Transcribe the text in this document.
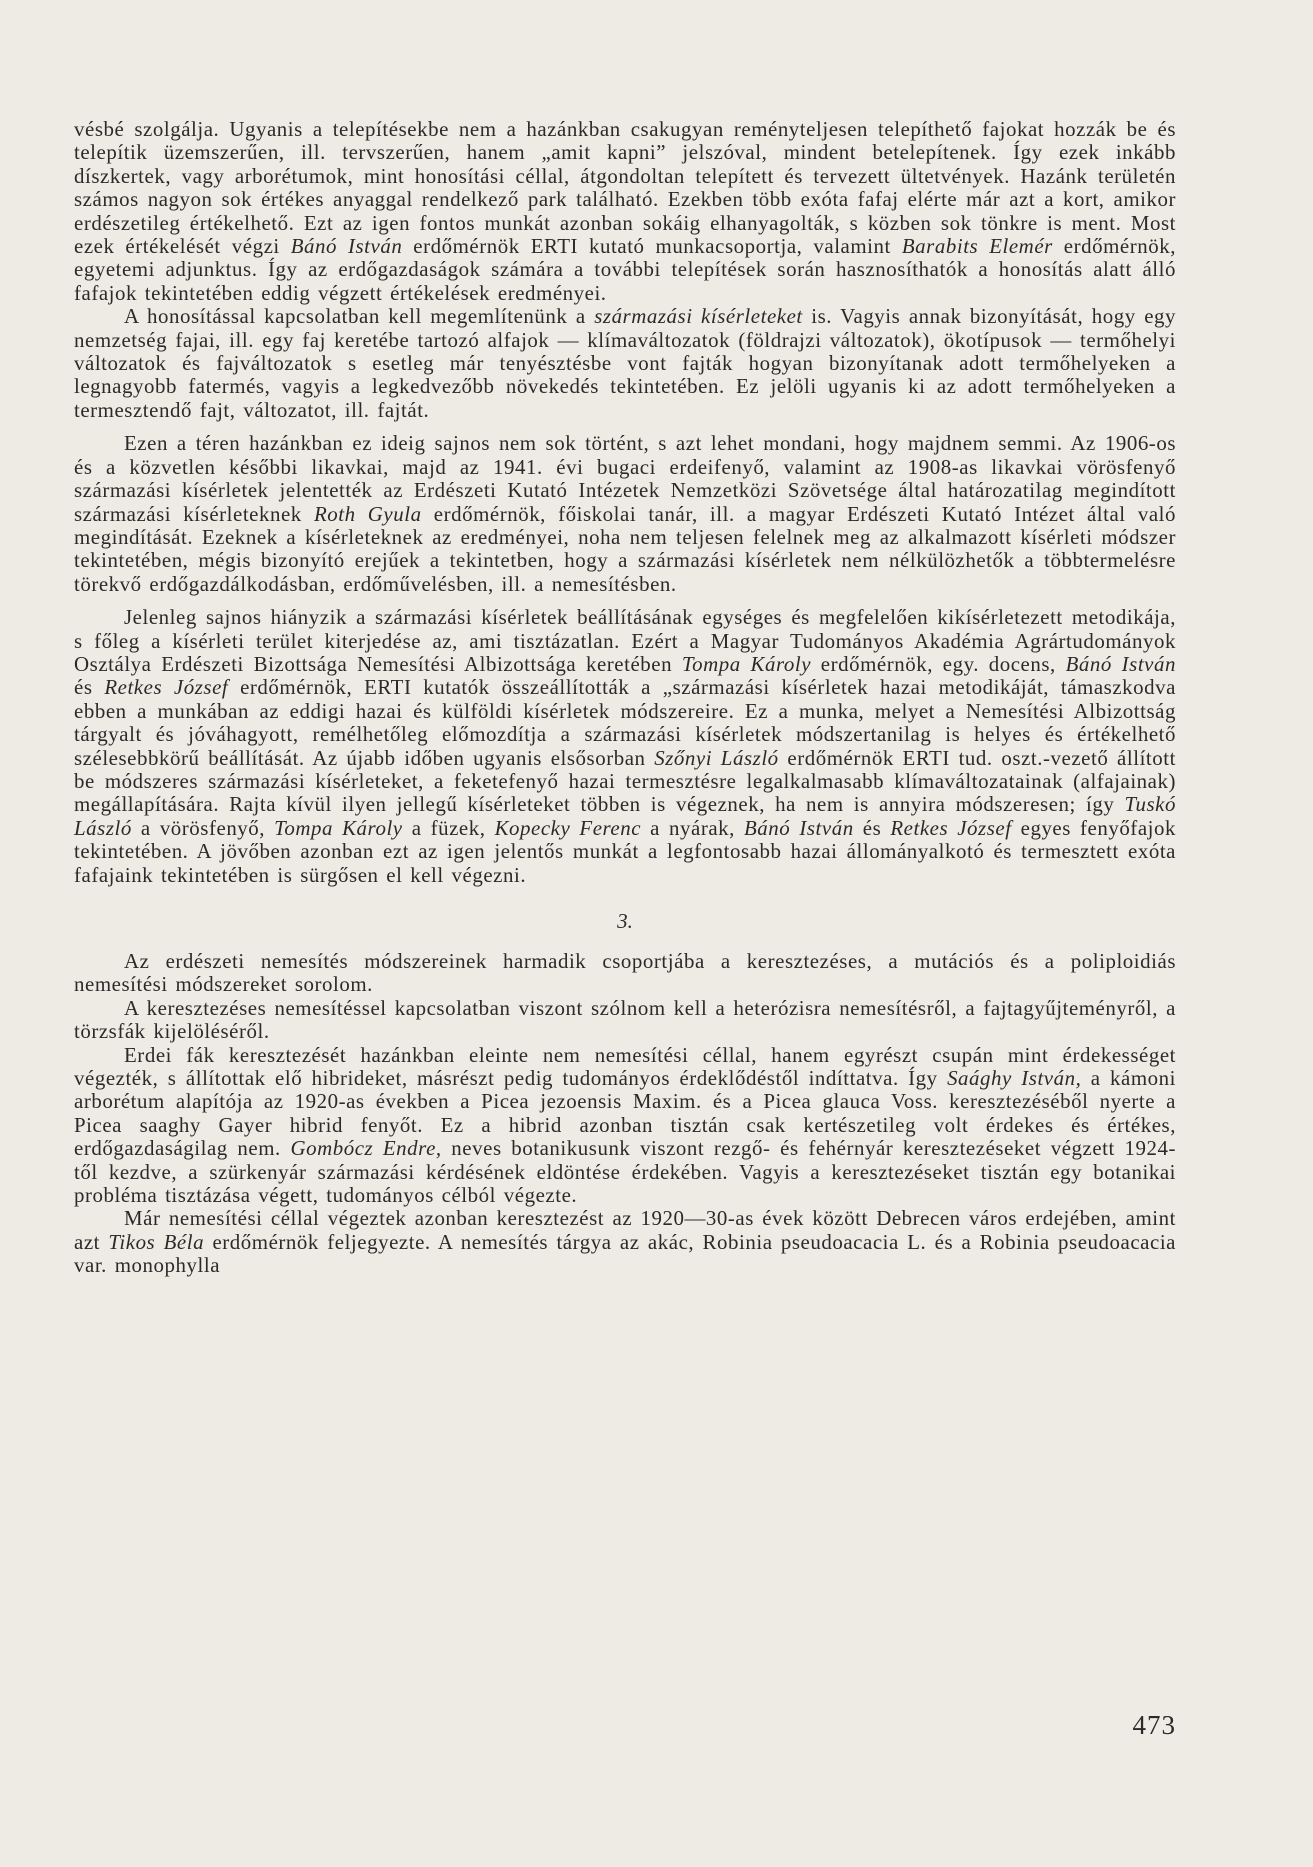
vésbé szolgálja. Ugyanis a telepítésekbe nem a hazánkban csakugyan reményteljesen telepíthető fajokat hozzák be és telepítik üzemszerűen, ill. tervszerűen, hanem „amit kapni” jelszóval, mindent betelepítenek. Így ezek inkább díszkertek, vagy arborétumok, mint honosítási céllal, átgondoltan telepített és tervezett ültetvények. Hazánk területén számos nagyon sok értékes anyaggal rendelkező park található. Ezekben több exóta fafaj elérte már azt a kort, amikor erdészetileg értékelhető. Ezt az igen fontos munkát azonban sokáig elhanyagolták, s közben sok tönkre is ment. Most ezek értékelését végzi Bánó István erdőmérnök ERTI kutató munkacsoportja, valamint Barabits Elemér erdőmérnök, egyetemi adjunktus. Így az erdőgazdaságok számára a további telepítések során hasznosíthatók a honosítás alatt álló fafajok tekintetében eddig végzett értékelések eredményei.

A honosítással kapcsolatban kell megemlítenünk a származási kísérleteket is. Vagyis annak bizonyítását, hogy egy nemzetség fajai, ill. egy faj keretébe tartozó alfajok — klímaváltozatok (földrajzi változatok), ökotípusok — termőhelyi változatok és fajváltozatok s esetleg már tenyésztésbe vont fajták hogyan bizonyítanak adott termőhelyeken a legnagyobb fatermés, vagyis a legkedvezőbb növekedés tekintetében. Ez jelöli ugyanis ki az adott termőhelyeken a termesztendő fajt, változatot, ill. fajtát.

Ezen a téren hazánkban ez ideig sajnos nem sok történt, s azt lehet mondani, hogy majdnem semmi. Az 1906-os és a közvetlen későbbi likavkai, majd az 1941. évi bugaci erdeifenyő, valamint az 1908-as likavkai vörösfenyő származási kísérletek jelentették az Erdészeti Kutató Intézetek Nemzetközi Szövetsége által határozatilag megindított származási kísérleteknek Roth Gyula erdőmérnök, főiskolai tanár, ill. a magyar Erdészeti Kutató Intézet által való megindítását. Ezeknek a kísérleteknek az eredményei, noha nem teljesen felelnek meg az alkalmazott kísérleti módszer tekintetében, mégis bizonyító erejűek a tekintetben, hogy a származási kísérletek nem nélkülözhetők a többtermelésre törekvő erdőgazdálkodásban, erdőművelésben, ill. a nemesítésben.

Jelenleg sajnos hiányzik a származási kísérletek beállításának egységes és megfelelően kikísérletezett metodikája, s főleg a kísérleti terület kiterjedése az, ami tisztázatlan. Ezért a Magyar Tudományos Akadémia Agrártudományok Osztálya Erdészeti Bizottsága Nemesítési Albizottsága keretében Tompa Károly erdőmérnök, egy. docens, Bánó István és Retkes József erdőmérnök, ERTI kutatók összeállították a „származási kísérletek hazai metodikáját, támaszkodva ebben a munkában az eddigi hazai és külföldi kísérletek módszereire. Ez a munka, melyet a Nemesítési Albizottság tárgyalt és jóváhagyott, remélhetőleg előmozdítja a származási kísérletek módszertanilag is helyes és értékelhető szélesebbkörű beállítását. Az újabb időben ugyanis elsősorban Szőnyi László erdőmérnök ERTI tud. oszt.-vezető állított be módszeres származási kísérleteket, a feketefenyő hazai termesztésre legalkalmasabb klímaváltozatainak (alfajainak) megállapítására. Rajta kívül ilyen jellegű kísérleteket többen is végeznek, ha nem is annyira módszeresen; így Tuskó László a vörösfenyő, Tompa Károly a füzek, Kopecky Ferenc a nyárak, Bánó István és Retkes József egyes fenyőfajok tekintetében. A jövőben azonban ezt az igen jelentős munkát a legfontosabb hazai állományalkotó és termesztett exóta fafajaink tekintetében is sürgősen el kell végezni.

3.

Az erdészeti nemesítés módszereinek harmadik csoportjába a keresztezéses, a mutációs és a poliploidiás nemesítési módszereket sorolom.

A keresztezéses nemesítéssel kapcsolatban viszont szólnom kell a heterózisra nemesítésről, a fajtagyűjteményről, a törzsfák kijelöléséről.

Erdei fák keresztezését hazánkban eleinte nem nemesítési céllal, hanem egyrészt csupán mint érdekességet végezték, s állítottak elő hibrideket, másrészt pedig tudományos érdeklődéstől indíttatva. Így Saághy István, a kámoni arborétum alapítója az 1920-as években a Picea jezoensis Maxim. és a Picea glauca Voss. keresztezéséből nyerte a Picea saaghy Gayer hibrid fenyőt. Ez a hibrid azonban tisztán csak kertészetileg volt érdekes és értékes, erdőgazdaságilag nem. Gombócz Endre, neves botanikusunk viszont rezgő- és fehérnyár keresztezéseket végzett 1924-től kezdve, a szürkenyár származási kérdésének eldöntése érdekében. Vagyis a keresztezéseket tisztán egy botanikai probléma tisztázása végett, tudományos célból végezte.

Már nemesítési céllal végeztek azonban keresztezést az 1920—30-as évek között Debrecen város erdejében, amint azt Tikos Béla erdőmérnök feljegyezte. A nemesítés tárgya az akác, Robinia pseudoacacia L. és a Robinia pseudoacacia var. monophylla

473
